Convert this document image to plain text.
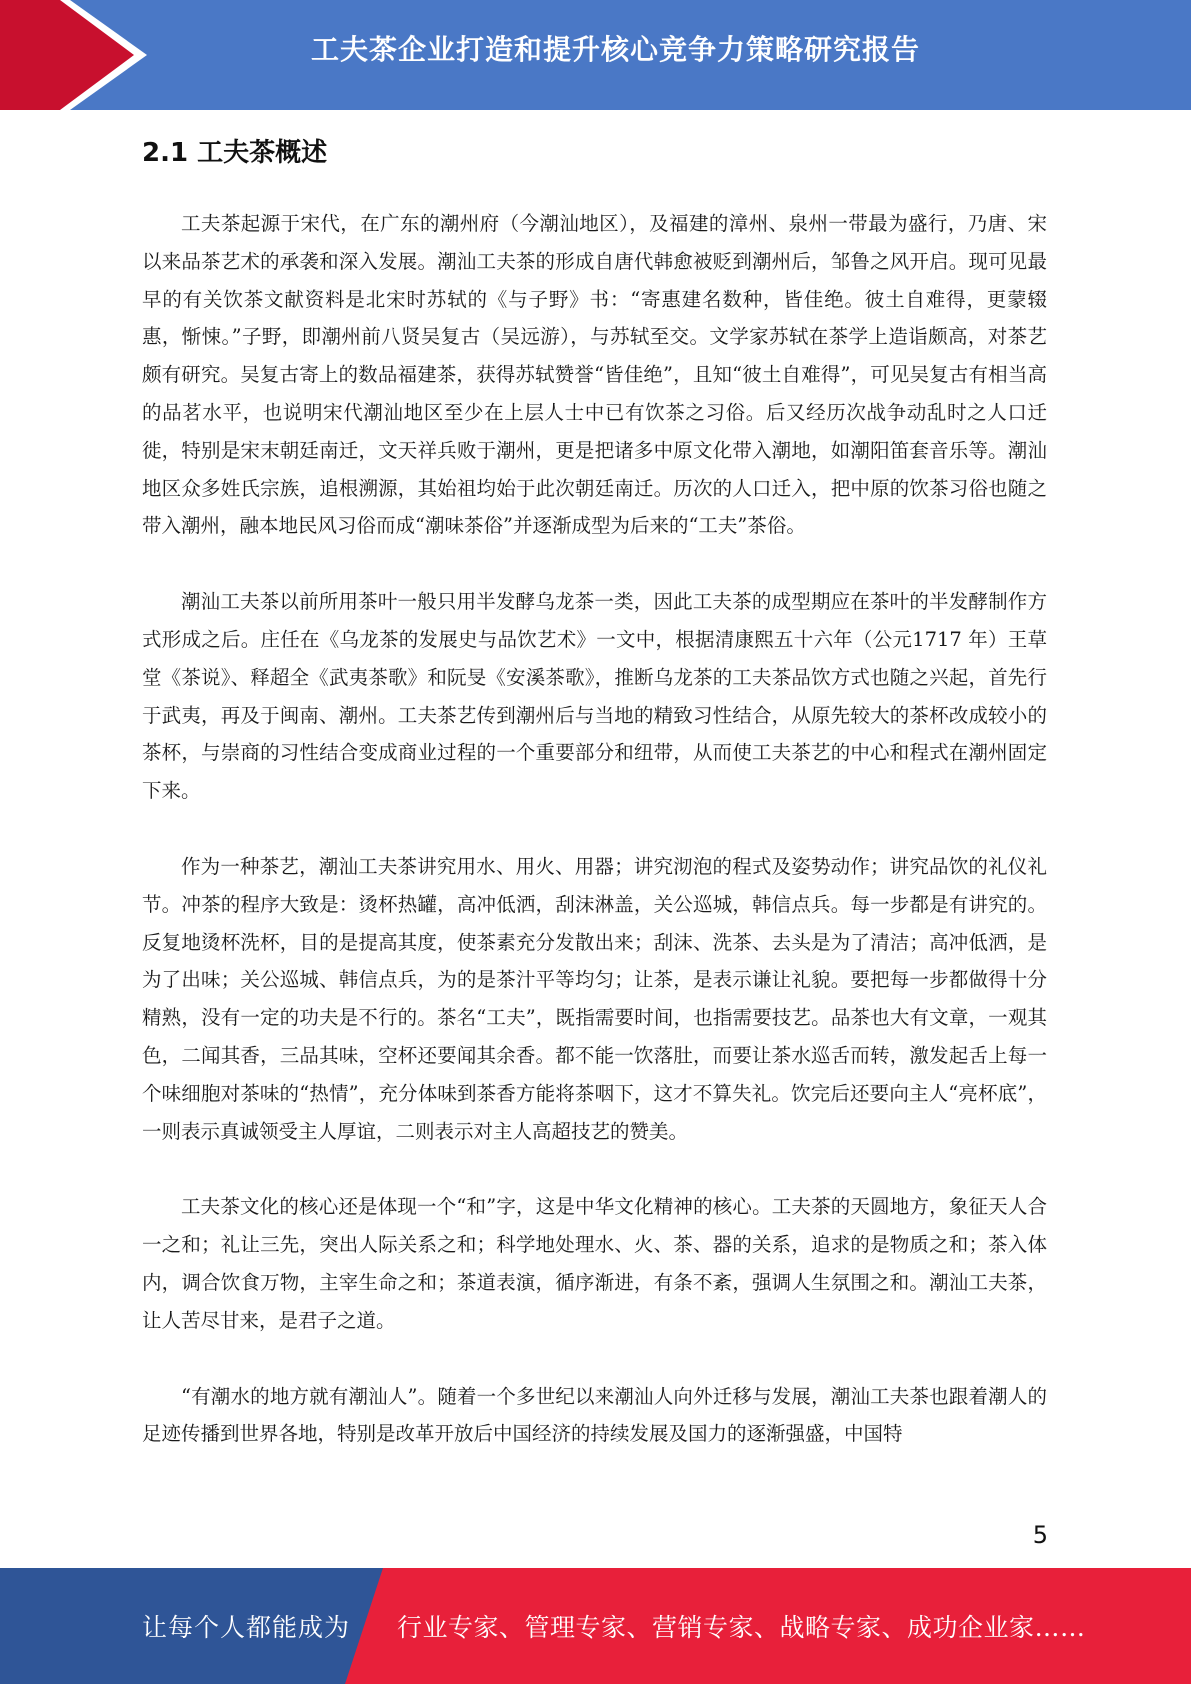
工夫茶企业打造和提升核心竞争力策略研究报告
2.1 工夫茶概述

工夫茶起源于宋代，在广东的潮州府（今潮汕地区），及福建的漳州、泉州一带最为盛行，乃唐、宋以来品茶艺术的承袭和深入发展。潮汕工夫茶的形成自唐代韩愈被贬到潮州后，邹鲁之风开启。现可见最早的有关饮茶文献资料是北宋时苏轼的《与子野》书：“寄惠建名数种，皆佳绝。彼土自难得，更蒙辍惠，惭悚。”子野，即潮州前八贤吴复古（吴远游），与苏轼至交。文学家苏轼在茶学上造诣颇高，对茶艺颇有研究。吴复古寄上的数品福建茶，获得苏轼赞誉“皆佳绝”，且知“彼土自难得”，可见吴复古有相当高的品茗水平，也说明宋代潮汕地区至少在上层人士中已有饮茶之习俗。后又经历次战争动乱时之人口迁徙，特别是宋末朝廷南迁，文天祥兵败于潮州，更是把诸多中原文化带入潮地，如潮阳笛套音乐等。潮汕地区众多姓氏宗族，追根溯源，其始祖均始于此次朝廷南迁。历次的人口迁入，把中原的饮茶习俗也随之带入潮州，融本地民风习俗而成“潮味茶俗”并逐渐成型为后来的“工夫”茶俗。

潮汕工夫茶以前所用茶叶一般只用半发酵乌龙茶一类，因此工夫茶的成型期应在茶叶的半发酵制作方式形成之后。庄任在《乌龙茶的发展史与品饮艺术》一文中，根据清康熙五十六年（公元1717 年）王草堂《茶说》、释超全《武夷茶歌》和阮旻《安溪茶歌》，推断乌龙茶的工夫茶品饮方式也随之兴起，首先行于武夷，再及于闽南、潮州。工夫茶艺传到潮州后与当地的精致习性结合，从原先较大的茶杯改成较小的茶杯，与崇商的习性结合变成商业过程的一个重要部分和纽带，从而使工夫茶艺的中心和程式在潮州固定下来。

作为一种茶艺，潮汕工夫茶讲究用水、用火、用器；讲究沏泡的程式及姿势动作；讲究品饮的礼仪礼节。冲茶的程序大致是：烫杯热罐，高冲低洒，刮沫淋盖，关公巡城，韩信点兵。每一步都是有讲究的。反复地烫杯洗杯，目的是提高其度，使茶素充分发散出来；刮沫、洗茶、去头是为了清洁；高冲低洒，是为了出味；关公巡城、韩信点兵，为的是茶汁平等均匀；让茶，是表示谦让礼貌。要把每一步都做得十分精熟，没有一定的功夫是不行的。茶名“工夫”，既指需要时间，也指需要技艺。品茶也大有文章，一观其色，二闻其香，三品其味，空杯还要闻其余香。都不能一饮落肚，而要让茶水巡舌而转，激发起舌上每一个味细胞对茶味的“热情”，充分体味到茶香方能将茶咽下，这才不算失礼。饮完后还要向主人“亮杯底”，一则表示真诚领受主人厚谊，二则表示对主人高超技艺的赞美。

工夫茶文化的核心还是体现一个“和”字，这是中华文化精神的核心。工夫茶的天圆地方，象征天人合一之和；礼让三先，突出人际关系之和；科学地处理水、火、茶、器的关系，追求的是物质之和；茶入体内，调合饮食万物，主宰生命之和；茶道表演，循序渐进，有条不紊，强调人生氛围之和。潮汕工夫茶，让人苦尽甘来，是君子之道。

“有潮水的地方就有潮汕人”。随着一个多世纪以来潮汕人向外迁移与发展，潮汕工夫茶也跟着潮人的足迹传播到世界各地，特别是改革开放后中国经济的持续发展及国力的逐渐强盛，中国特

5
让每个人都能成为 行业专家、管理专家、营销专家、战略专家、成功企业家……
